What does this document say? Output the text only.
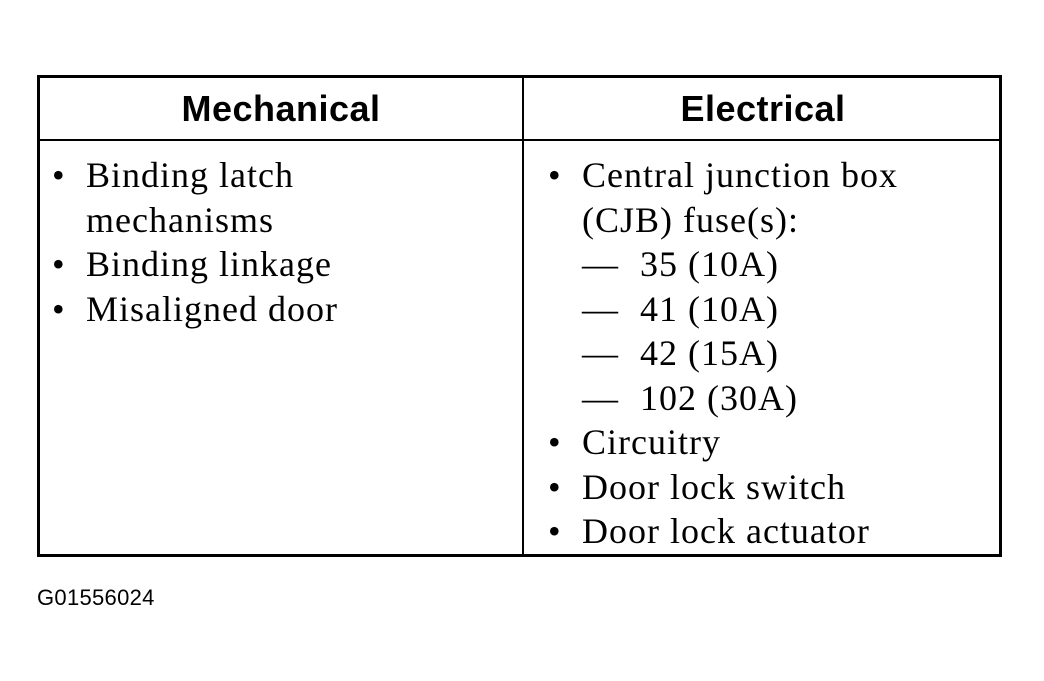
Mechanical	Electrical
• Binding latch
mechanisms
• Binding linkage
• Misaligned door
• Central junction box
(CJB) fuse(s):
— 35 (10A)
— 41 (10A)
— 42 (15A)
— 102 (30A)
• Circuitry
• Door lock switch
• Door lock actuator
G01556024
